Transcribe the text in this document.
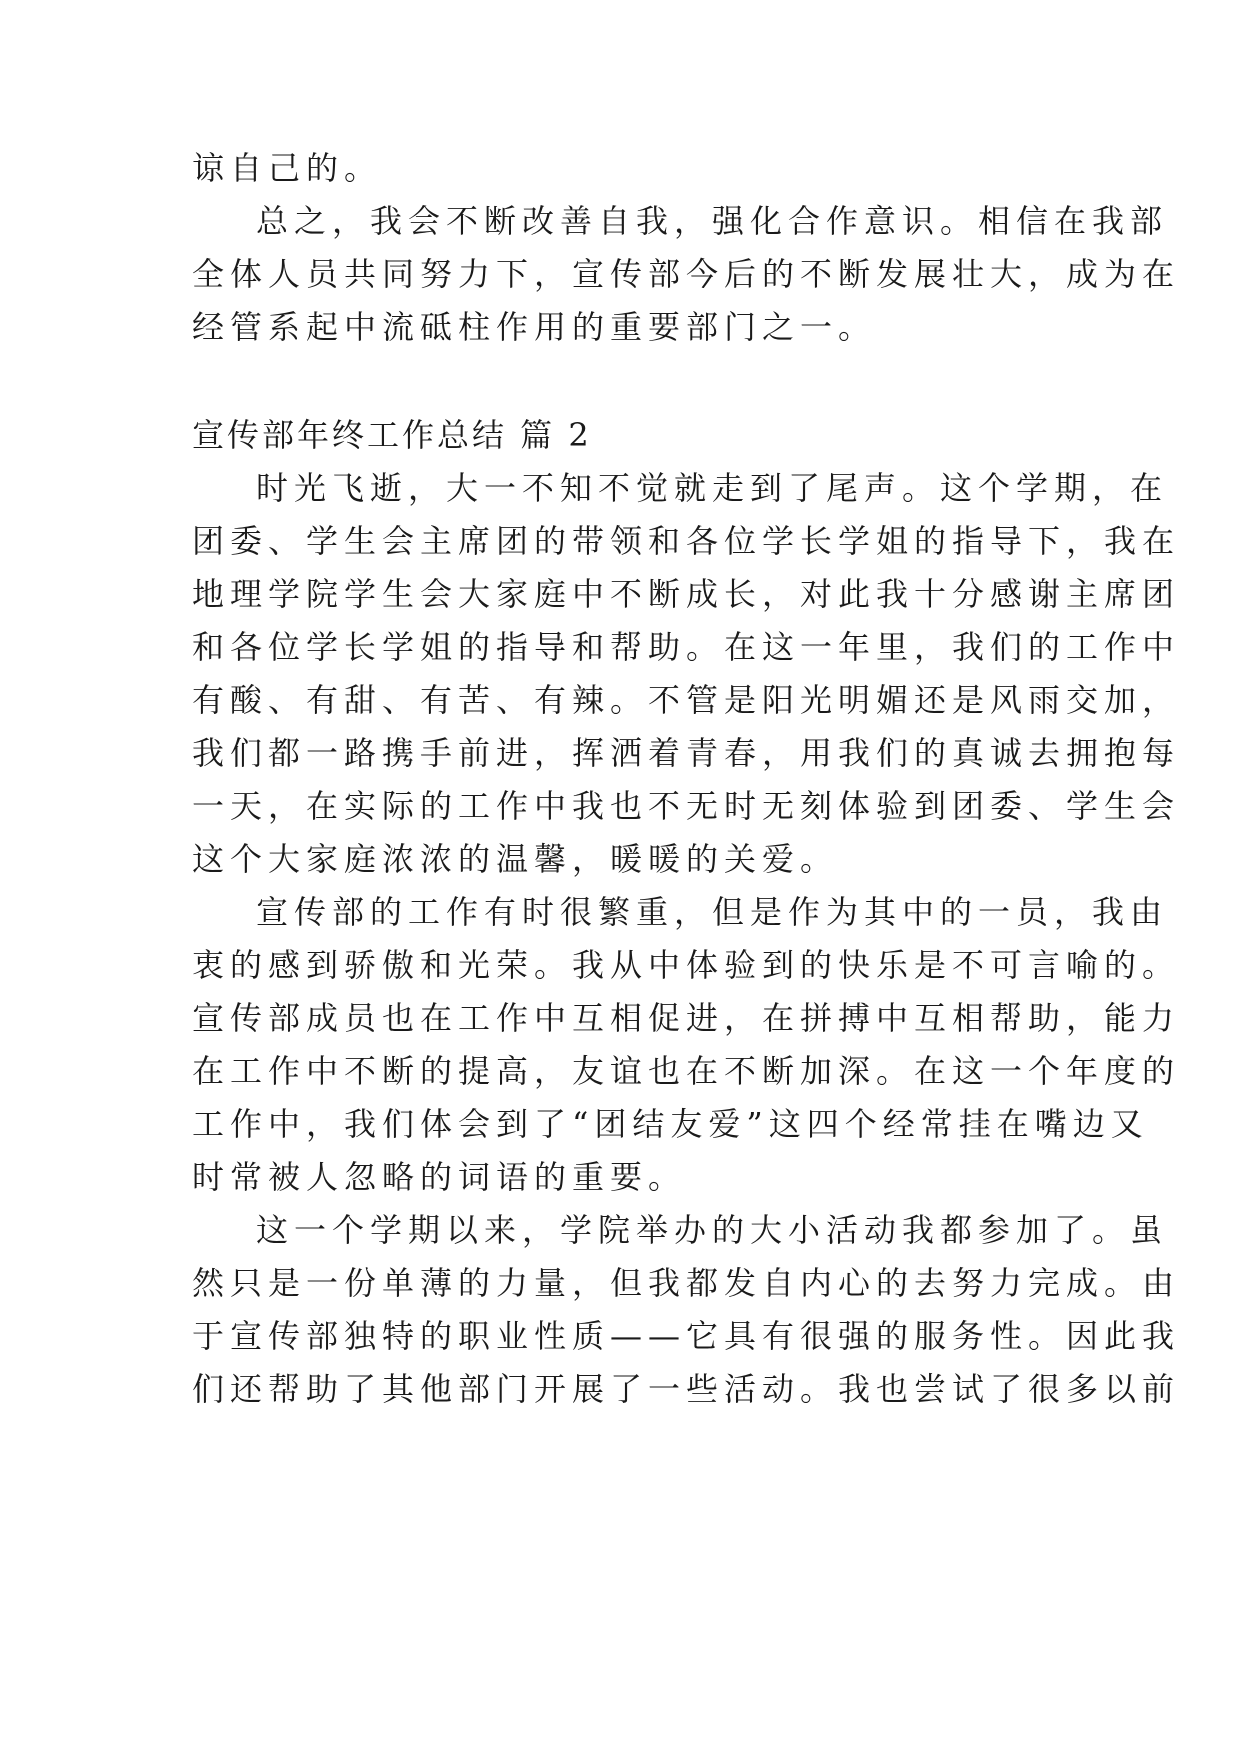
谅自己的。
总之，我会不断改善自我，强化合作意识。相信在我部
全体人员共同努力下，宣传部今后的不断发展壮大，成为在
经管系起中流砥柱作用的重要部门之一。
宣传部年终工作总结 篇 2
时光飞逝，大一不知不觉就走到了尾声。这个学期，在
团委、学生会主席团的带领和各位学长学姐的指导下，我在
地理学院学生会大家庭中不断成长，对此我十分感谢主席团
和各位学长学姐的指导和帮助。在这一年里，我们的工作中
有酸、有甜、有苦、有辣。不管是阳光明媚还是风雨交加，
我们都一路携手前进，挥洒着青春，用我们的真诚去拥抱每
一天，在实际的工作中我也不无时无刻体验到团委、学生会
这个大家庭浓浓的温馨，暖暖的关爱。
宣传部的工作有时很繁重，但是作为其中的一员，我由
衷的感到骄傲和光荣。我从中体验到的快乐是不可言喻的。
宣传部成员也在工作中互相促进，在拼搏中互相帮助，能力
在工作中不断的提高，友谊也在不断加深。在这一个年度的
工作中，我们体会到了“团结友爱”这四个经常挂在嘴边又
时常被人忽略的词语的重要。
这一个学期以来，学院举办的大小活动我都参加了。虽
然只是一份单薄的力量，但我都发自内心的去努力完成。由
于宣传部独特的职业性质——它具有很强的服务性。因此我
们还帮助了其他部门开展了一些活动。我也尝试了很多以前
